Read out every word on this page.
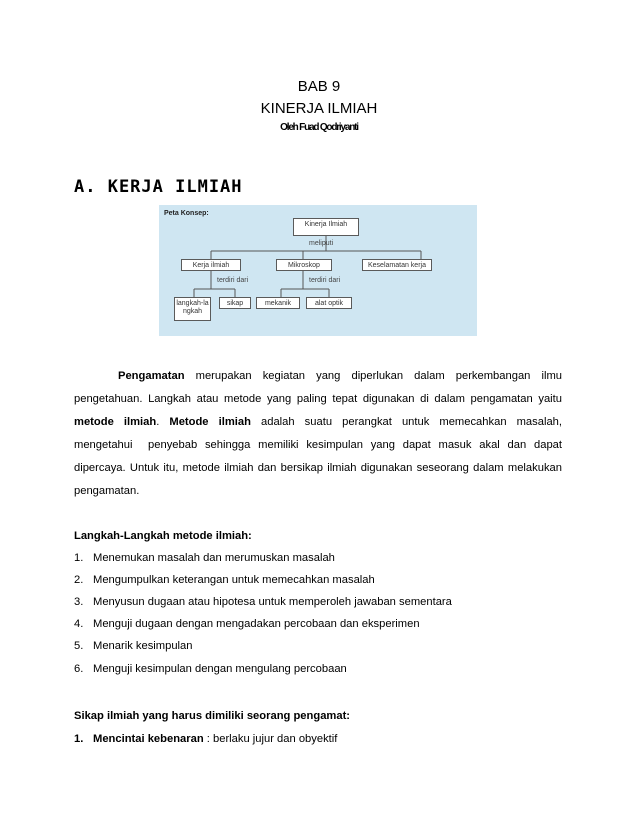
BAB 9
KINERJA ILMIAH
Oleh Fuad Qodriyanti
A. KERJA ILMIAH
Peta Konsep:
Kinerja Ilmiah
meliputi
Kerja ilmiah	Mikroskop	Keselamatan kerja
terdiri dari	terdiri dari
langkah-langkah
sikap	mekanik	alat optik
Pengamatan merupakan kegiatan yang diperlukan dalam perkembangan ilmu
pengetahuan. Langkah atau metode yang paling tepat digunakan di dalam pengamatan yaitu
metode ilmiah. Metode ilmiah adalah suatu perangkat untuk memecahkan masalah,
mengetahui  penyebab sehingga memiliki kesimpulan yang dapat masuk akal dan dapat
dipercaya. Untuk itu, metode ilmiah dan bersikap ilmiah digunakan seseorang dalam melakukan
pengamatan.
Langkah-Langkah metode ilmiah:
1. Menemukan masalah dan merumuskan masalah
2. Mengumpulkan keterangan untuk memecahkan masalah
3. Menyusun dugaan atau hipotesa untuk memperoleh jawaban sementara
4. Menguji dugaan dengan mengadakan percobaan dan eksperimen
5. Menarik kesimpulan
6. Menguji kesimpulan dengan mengulang percobaan
Sikap ilmiah yang harus dimiliki seorang pengamat:
1. Mencintai kebenaran : berlaku jujur dan obyektif
